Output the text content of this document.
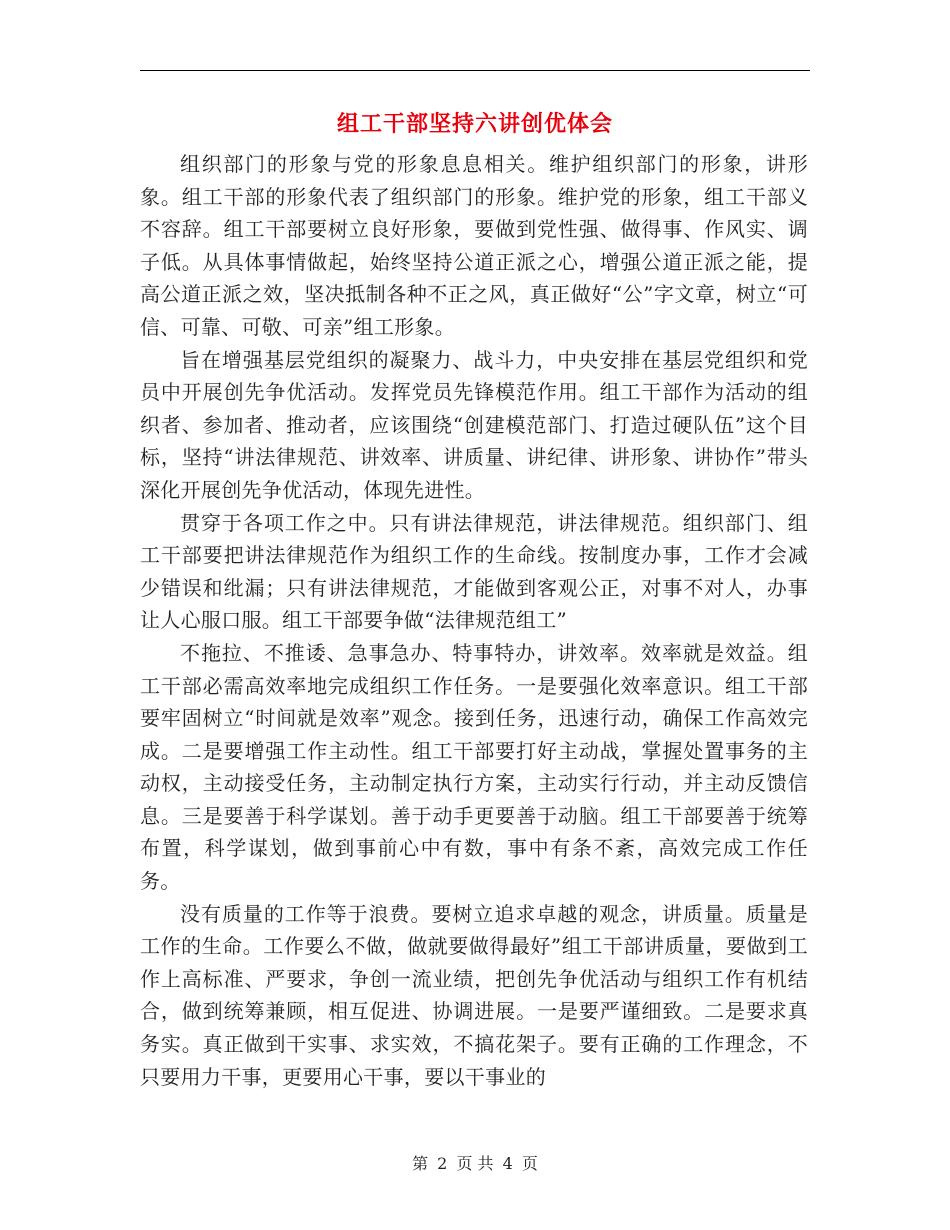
组工干部坚持六讲创优体会

组织部门的形象与党的形象息息相关。维护组织部门的形象，讲形象。组工干部的形象代表了组织部门的形象。维护党的形象，组工干部义不容辞。组工干部要树立良好形象，要做到党性强、做得事、作风实、调子低。从具体事情做起，始终坚持公道正派之心，增强公道正派之能，提高公道正派之效，坚决抵制各种不正之风，真正做好“公”字文章，树立“可信、可靠、可敬、可亲”组工形象。

旨在增强基层党组织的凝聚力、战斗力，中央安排在基层党组织和党员中开展创先争优活动。发挥党员先锋模范作用。组工干部作为活动的组织者、参加者、推动者，应该围绕“创建模范部门、打造过硬队伍”这个目标，坚持“讲法律规范、讲效率、讲质量、讲纪律、讲形象、讲协作”带头深化开展创先争优活动，体现先进性。

贯穿于各项工作之中。只有讲法律规范，讲法律规范。组织部门、组工干部要把讲法律规范作为组织工作的生命线。按制度办事，工作才会减少错误和纰漏；只有讲法律规范，才能做到客观公正，对事不对人，办事让人心服口服。组工干部要争做“法律规范组工”

不拖拉、不推诿、急事急办、特事特办，讲效率。效率就是效益。组工干部必需高效率地完成组织工作任务。一是要强化效率意识。组工干部要牢固树立“时间就是效率”观念。接到任务，迅速行动，确保工作高效完成。二是要增强工作主动性。组工干部要打好主动战，掌握处置事务的主动权，主动接受任务，主动制定执行方案，主动实行行动，并主动反馈信息。三是要善于科学谋划。善于动手更要善于动脑。组工干部要善于统筹布置，科学谋划，做到事前心中有数，事中有条不紊，高效完成工作任务。

没有质量的工作等于浪费。要树立追求卓越的观念，讲质量。质量是工作的生命。工作要么不做，做就要做得最好”组工干部讲质量，要做到工作上高标准、严要求，争创一流业绩，把创先争优活动与组织工作有机结合，做到统筹兼顾，相互促进、协调进展。一是要严谨细致。二是要求真务实。真正做到干实事、求实效，不搞花架子。要有正确的工作理念，不只要用力干事，更要用心干事，要以干事业的

第 2 页 共 4 页
